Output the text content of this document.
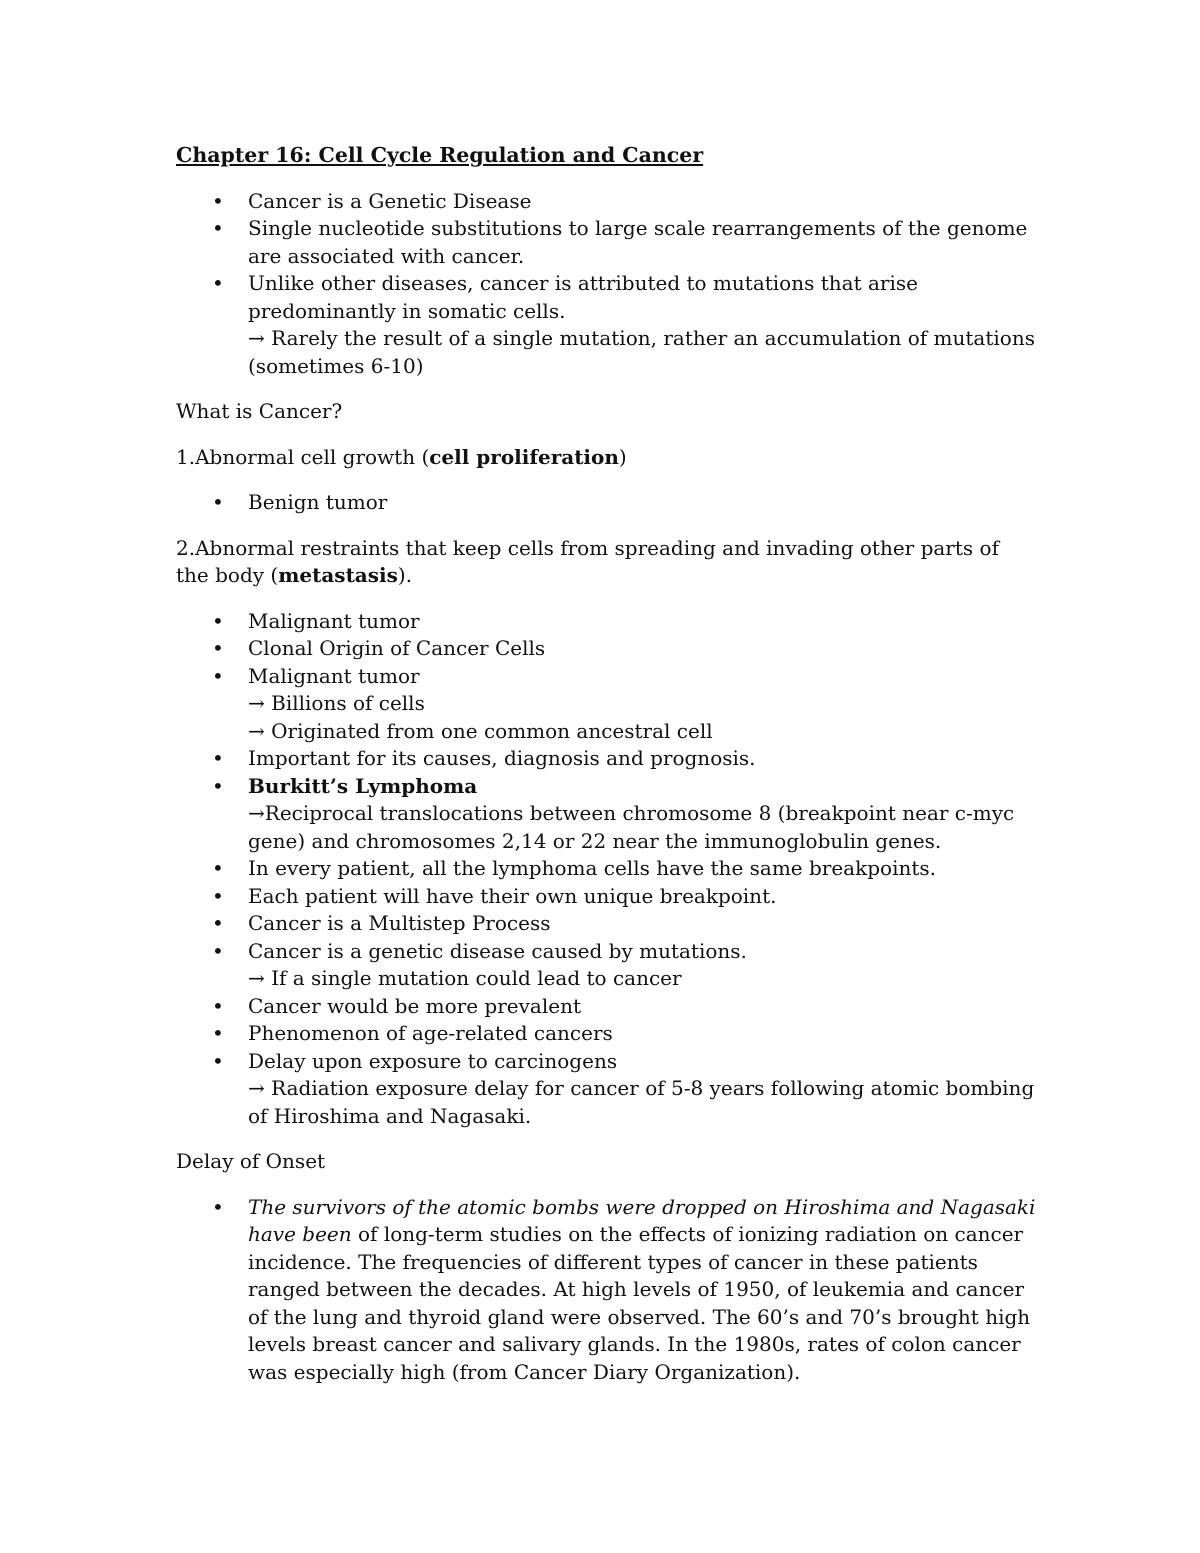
Chapter 16: Cell Cycle Regulation and Cancer
• Cancer is a Genetic Disease
• Single nucleotide substitutions to large scale rearrangements of the genome are associated with cancer.
• Unlike other diseases, cancer is attributed to mutations that arise predominantly in somatic cells.
→ Rarely the result of a single mutation, rather an accumulation of mutations (sometimes 6-10)

What is Cancer?

1.Abnormal cell growth (cell proliferation)

• Benign tumor

2.Abnormal restraints that keep cells from spreading and invading other parts of the body (metastasis).

• Malignant tumor
• Clonal Origin of Cancer Cells
• Malignant tumor
→ Billions of cells
→ Originated from one common ancestral cell
• Important for its causes, diagnosis and prognosis.
• Burkitt’s Lymphoma
→Reciprocal translocations between chromosome 8 (breakpoint near c-myc gene) and chromosomes 2,14 or 22 near the immunoglobulin genes.
• In every patient, all the lymphoma cells have the same breakpoints.
• Each patient will have their own unique breakpoint.
• Cancer is a Multistep Process
• Cancer is a genetic disease caused by mutations.
→ If a single mutation could lead to cancer
• Cancer would be more prevalent
• Phenomenon of age-related cancers
• Delay upon exposure to carcinogens
→ Radiation exposure delay for cancer of 5-8 years following atomic bombing of Hiroshima and Nagasaki.

Delay of Onset

• The survivors of the atomic bombs were dropped on Hiroshima and Nagasaki have been of long-term studies on the effects of ionizing radiation on cancer incidence. The frequencies of different types of cancer in these patients ranged between the decades. At high levels of 1950, of leukemia and cancer of the lung and thyroid gland were observed. The 60’s and 70’s brought high levels breast cancer and salivary glands. In the 1980s, rates of colon cancer was especially high (from Cancer Diary Organization).
